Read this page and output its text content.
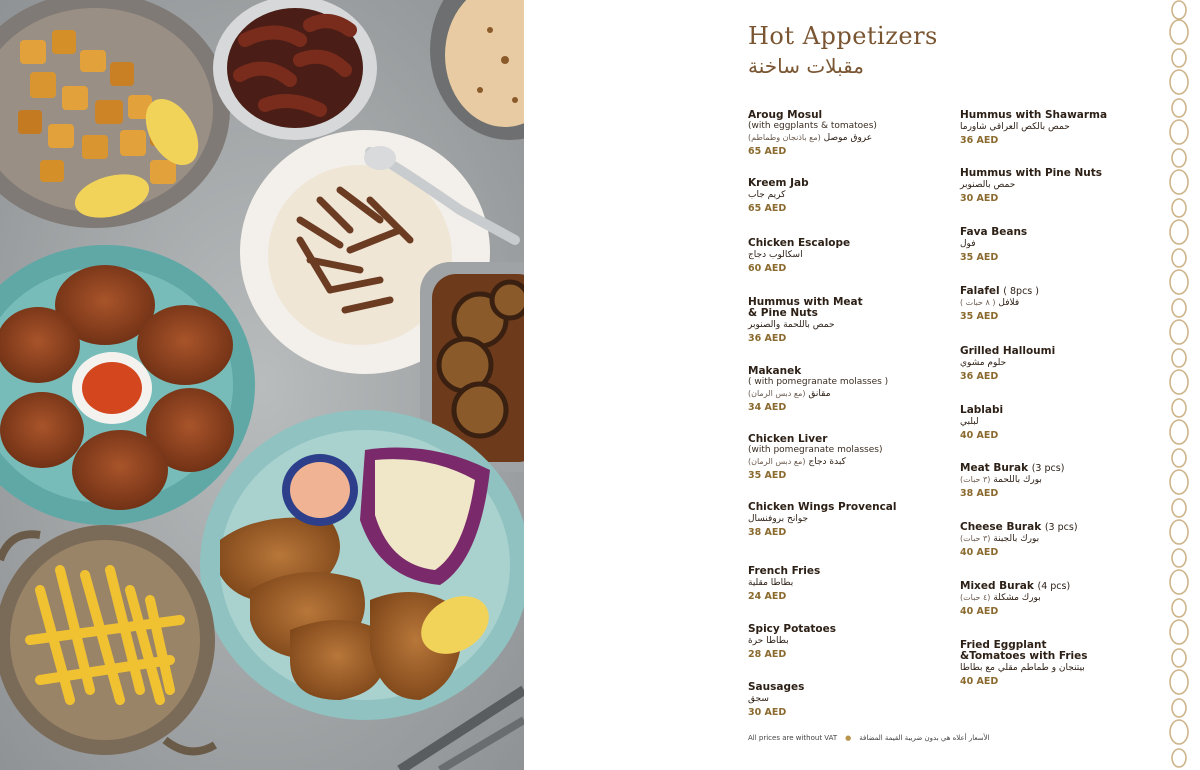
Hot Appetizers
مقبلات ساخنة
Aroug Mosul
(with eggplants & tomatoes)
عروق موصل (مع باذنجان وطماطم)
65 AED
Kreem Jab
كريم جاب
65 AED
Chicken Escalope
اسكالوب دجاج
60 AED
Hummus with Meat & Pine Nuts
حمص باللحمة والصنوبر
36 AED
Makanek
( with pomegranate molasses )
مقانق (مع دبس الرمان)
34 AED
Chicken Liver
(with pomegranate molasses)
كبدة دجاج (مع دبس الرمان)
35 AED
Chicken Wings Provencal
جوانح بروفنسال
38 AED
French Fries
بطاطا مقلية
24 AED
Spicy Potatoes
بطاطا حرة
28 AED
Sausages
سجق
30 AED
Hummus with Shawarma
حمص بالكص العراقي شاورما
36 AED
Hummus with Pine Nuts
حمص بالصنوبر
30 AED
Fava Beans
فول
35 AED
Falafel ( 8pcs )
فلافل ( ٨ حبات )
35 AED
Grilled Halloumi
حلوم مشوي
36 AED
Lablabi
لبلبي
40 AED
Meat Burak (3 pcs)
بورك باللحمة (٣ حبات)
38 AED
Cheese Burak (3 pcs)
بورك بالجبنة (٣ حبات)
40 AED
Mixed Burak (4 pcs)
بورك مشكلة (٤ حبات)
40 AED
Fried Eggplant &Tomatoes with Fries
بيتنجان و طماطم مقلي مع بطاطا
40 AED
All prices are without VAT ● الأسعار أعلاه هي بدون ضريبة القيمة المضافة
